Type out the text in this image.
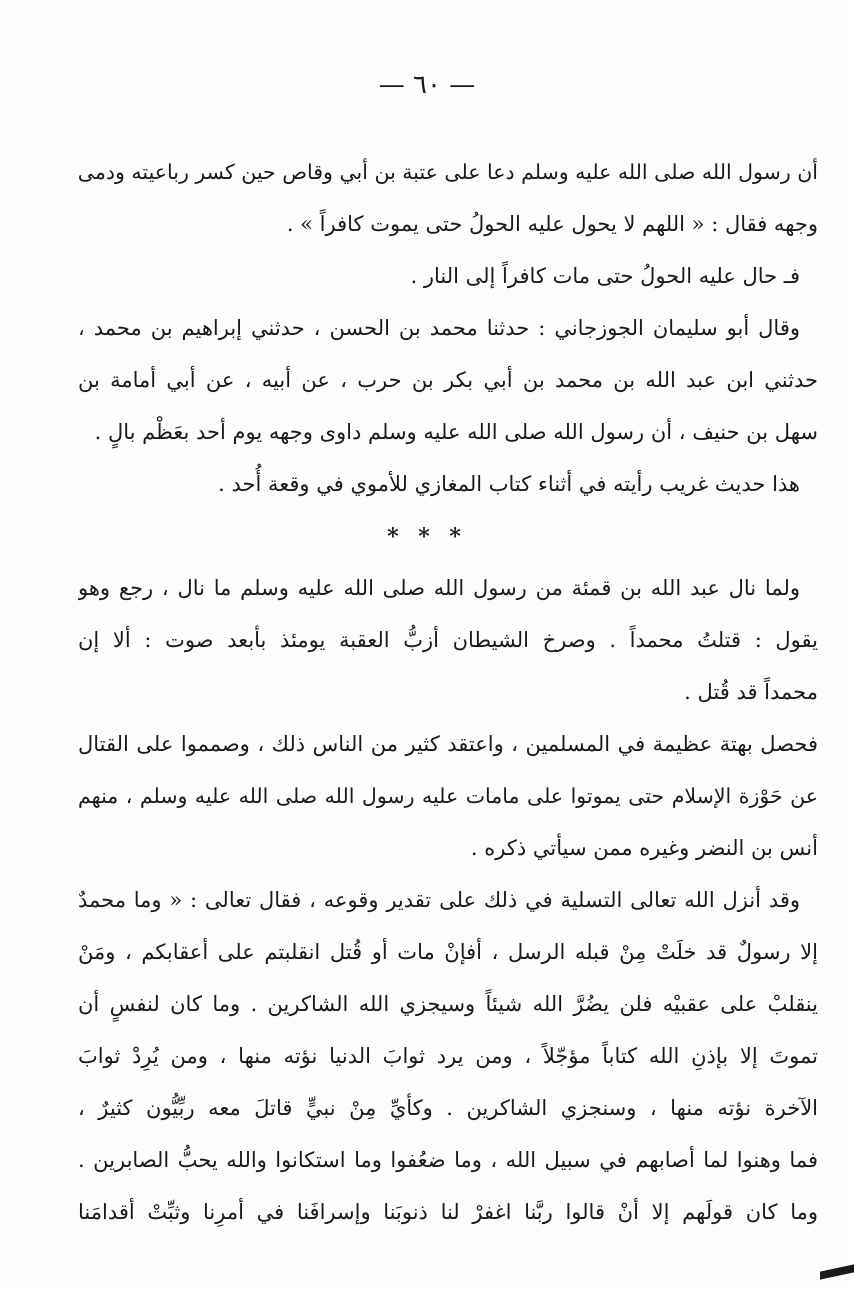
— ٦٠ —
أن رسول الله صلى الله عليه وسلم دعا على عتبة بن أبي وقاص حين كسر رباعيته ودمى
وجهه فقال : « اللهم لا يحول عليه الحولُ حتى يموت كافراً » .
فـ حال عليه الحولُ حتى مات كافراً إلى النار .
وقال أبو سليمان الجوزجاني : حدثنا محمد بن الحسن ، حدثني إبراهيم بن محمد ،
حدثني ابن عبد الله بن محمد بن أبي بكر بن حرب ، عن أبيه ، عن أبي أمامة بن
سهل بن حنيف ، أن رسول الله صلى الله عليه وسلم داوى وجهه يوم أحد بعَظْم بالٍ .
هذا حديث غريب رأيته في أثناء كتاب المغازي للأموي في وقعة أُحد .
* * *
ولما نال عبد الله بن قمئة من رسول الله صلى الله عليه وسلم ما نال ، رجع وهو
يقول : قتلتُ محمداً . وصرخ الشيطان أزبُّ العقبة يومئذ بأبعد صوت : ألا إن
محمداً قد قُتل .
فحصل بهتة عظيمة في المسلمين ، واعتقد كثير من الناس ذلك ، وصمموا على القتال
عن حَوْزة الإسلام حتى يموتوا على مامات عليه رسول الله صلى الله عليه وسلم ، منهم
أنس بن النضر وغيره ممن سيأتي ذكره .
وقد أنزل الله تعالى التسلية في ذلك على تقدير وقوعه ، فقال تعالى : « وما محمدٌ
إلا رسولٌ قد خلَتْ مِنْ قبله الرسل ، أفإنْ مات أو قُتل انقلبتم على أعقابكم ، ومَنْ
ينقلبْ على عقبيْه فلن يضُرَّ الله شيئاً وسيجزي الله الشاكرين . وما كان لنفسٍ أن
تموتَ إلا بإذنِ الله كتاباً مؤجّلاً ، ومن يرد ثوابَ الدنيا نؤته منها ، ومن يُرِدْ ثوابَ
الآخرة نؤته منها ، وسنجزي الشاكرين . وكأيِّ مِنْ نبيٍّ قاتلَ معه ربِّيُّون كثيرٌ ،
فما وهنوا لما أصابهم في سبيل الله ، وما ضعُفوا وما استكانوا والله يحبُّ الصابرين .
وما كان قولَهم إلا أنْ قالوا ربَّنا اغفرْ لنا ذنوبَنا وإسرافَنا في أمرِنا وثبِّتْ أقدامَنا
